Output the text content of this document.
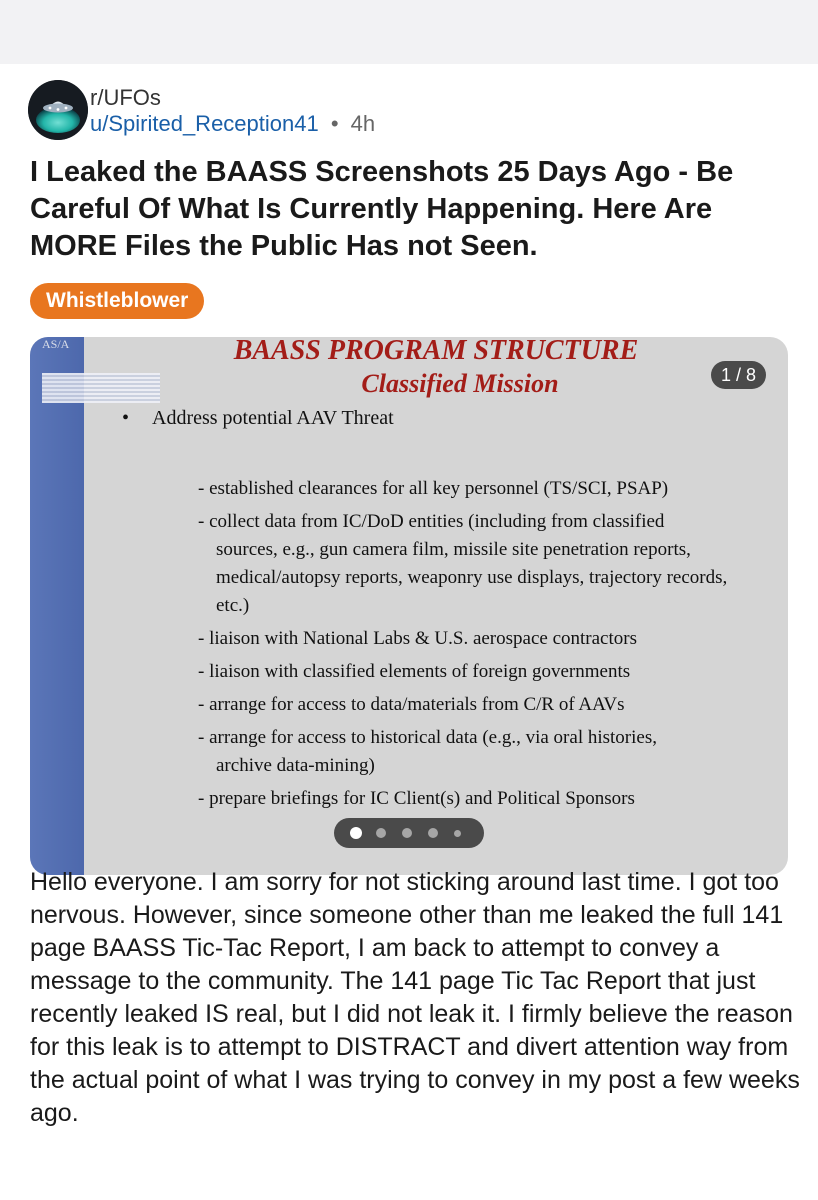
r/UFOs
u/Spirited_Reception41 • 4h
I Leaked the BAASS Screenshots 25 Days Ago - Be Careful Of What Is Currently Happening. Here Are MORE Files the Public Has not Seen.
Whistleblower
AS/A	BAASS PROGRAM STRUCTURE
Classified Mission	1 / 8
• Address potential AAV Threat
- established clearances for all key personnel (TS/SCI, PSAP)
- collect data from IC/DoD entities (including from classified
sources, e.g., gun camera film, missile site penetration reports, medical/autopsy reports, weaponry use displays, trajectory records, etc.)
- liaison with National Labs & U.S. aerospace contractors
- liaison with classified elements of foreign governments
- arrange for access to data/materials from C/R of AAVs
- arrange for access to historical data (e.g., via oral histories,
archive data-mining)
- prepare briefings for IC Client(s) and Political Sponsors
Hello everyone. I am sorry for not sticking around last time. I got too nervous. However, since someone other than me leaked the full 141 page BAASS Tic-Tac Report, I am back to attempt to convey a message to the community. The 141 page Tic Tac Report that just recently leaked IS real, but I did not leak it. I firmly believe the reason for this leak is to attempt to DISTRACT and divert attention way from the actual point of what I was trying to convey in my post a few weeks ago.
